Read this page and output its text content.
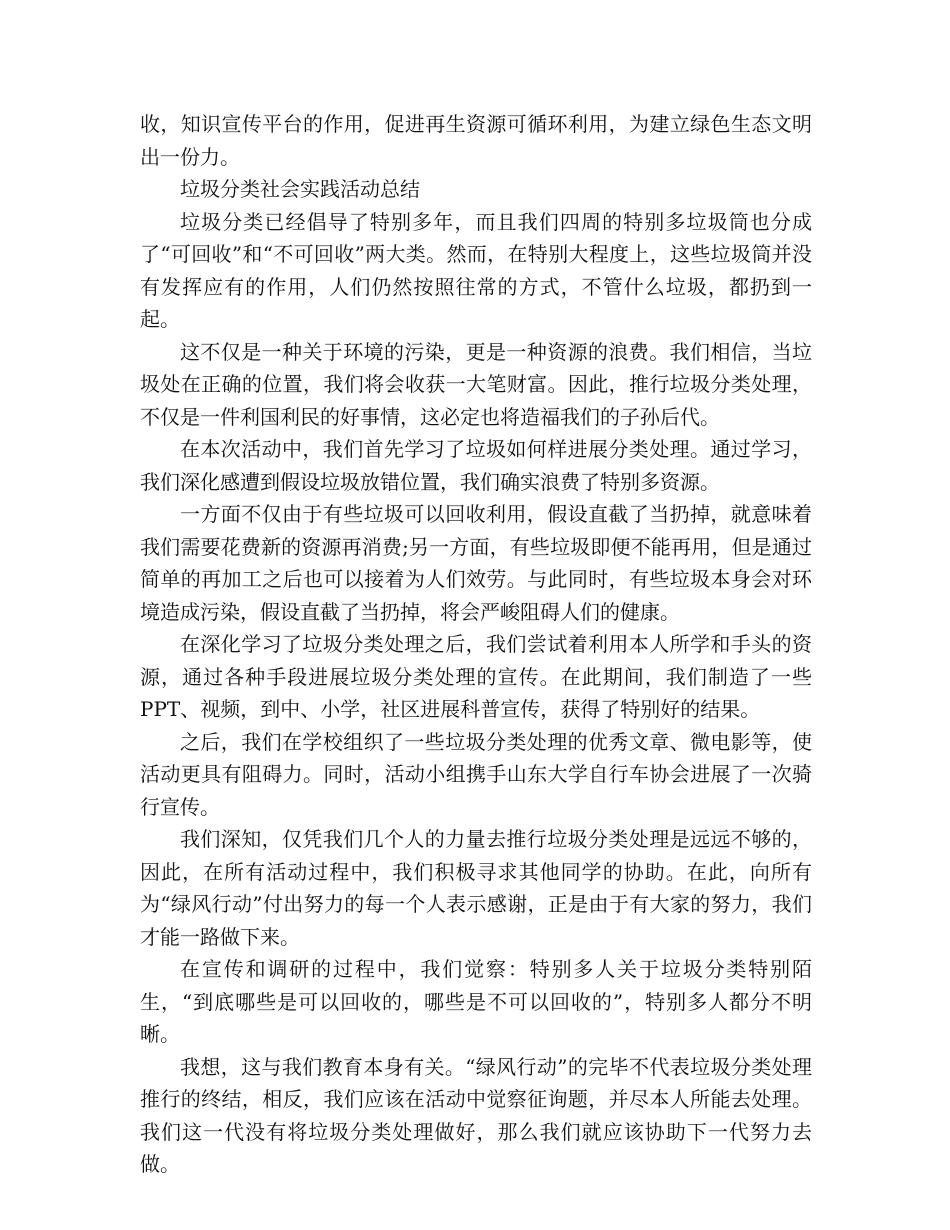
收，知识宣传平台的作用，促进再生资源可循环利用，为建立绿色生态文明出一份力。

垃圾分类社会实践活动总结

垃圾分类已经倡导了特别多年，而且我们四周的特别多垃圾筒也分成了“可回收”和“不可回收”两大类。然而，在特别大程度上，这些垃圾筒并没有发挥应有的作用，人们仍然按照往常的方式，不管什么垃圾，都扔到一起。

这不仅是一种关于环境的污染，更是一种资源的浪费。我们相信，当垃圾处在正确的位置，我们将会收获一大笔财富。因此，推行垃圾分类处理，不仅是一件利国利民的好事情，这必定也将造福我们的子孙后代。

在本次活动中，我们首先学习了垃圾如何样进展分类处理。通过学习，我们深化感遭到假设垃圾放错位置，我们确实浪费了特别多资源。

一方面不仅由于有些垃圾可以回收利用，假设直截了当扔掉，就意味着我们需要花费新的资源再消费;另一方面，有些垃圾即便不能再用，但是通过简单的再加工之后也可以接着为人们效劳。与此同时，有些垃圾本身会对环境造成污染，假设直截了当扔掉，将会严峻阻碍人们的健康。

在深化学习了垃圾分类处理之后，我们尝试着利用本人所学和手头的资源，通过各种手段进展垃圾分类处理的宣传。在此期间，我们制造了一些PPT、视频，到中、小学，社区进展科普宣传，获得了特别好的结果。

之后，我们在学校组织了一些垃圾分类处理的优秀文章、微电影等，使活动更具有阻碍力。同时，活动小组携手山东大学自行车协会进展了一次骑行宣传。

我们深知，仅凭我们几个人的力量去推行垃圾分类处理是远远不够的，因此，在所有活动过程中，我们积极寻求其他同学的协助。在此，向所有为“绿风行动”付出努力的每一个人表示感谢，正是由于有大家的努力，我们才能一路做下来。

在宣传和调研的过程中，我们觉察：特别多人关于垃圾分类特别陌生，“到底哪些是可以回收的，哪些是不可以回收的”，特别多人都分不明晰。

我想，这与我们教育本身有关。“绿风行动”的完毕不代表垃圾分类处理推行的终结，相反，我们应该在活动中觉察征询题，并尽本人所能去处理。我们这一代没有将垃圾分类处理做好，那么我们就应该协助下一代努力去做。
